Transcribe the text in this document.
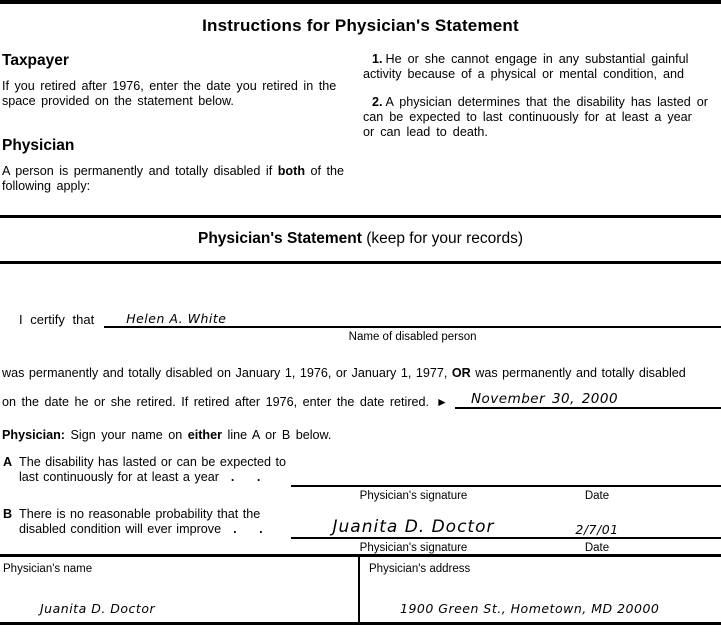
Instructions for Physician's Statement
Taxpayer

If you retired after 1976, enter the date you retired in the space provided on the statement below.

Physician

A person is permanently and totally disabled if both of the following apply:

1. He or she cannot engage in any substantial gainful activity because of a physical or mental condition, and

2. A physician determines that the disability has lasted or can be expected to last continuously for at least a year or can lead to death.

Physician's Statement (keep for your records)
I certify that	Helen A. White
Name of disabled person

was permanently and totally disabled on January 1, 1976, or January 1, 1977, OR was permanently and totally disabled

on the date he or she retired. If retired after 1976, enter the date retired. ► November 30, 2000

Physician: Sign your name on either line A or B below.

A The disability has lasted or can be expected to last continuously for at least a year . .
Physician's signature	Date
B There is no reasonable probability that the disabled condition will ever improve . .	Juanita D. Doctor	2/7/01
Physician's signature	Date
Physician's name
Juanita D. Doctor
Physician's address
1900 Green St., Hometown, MD 20000
